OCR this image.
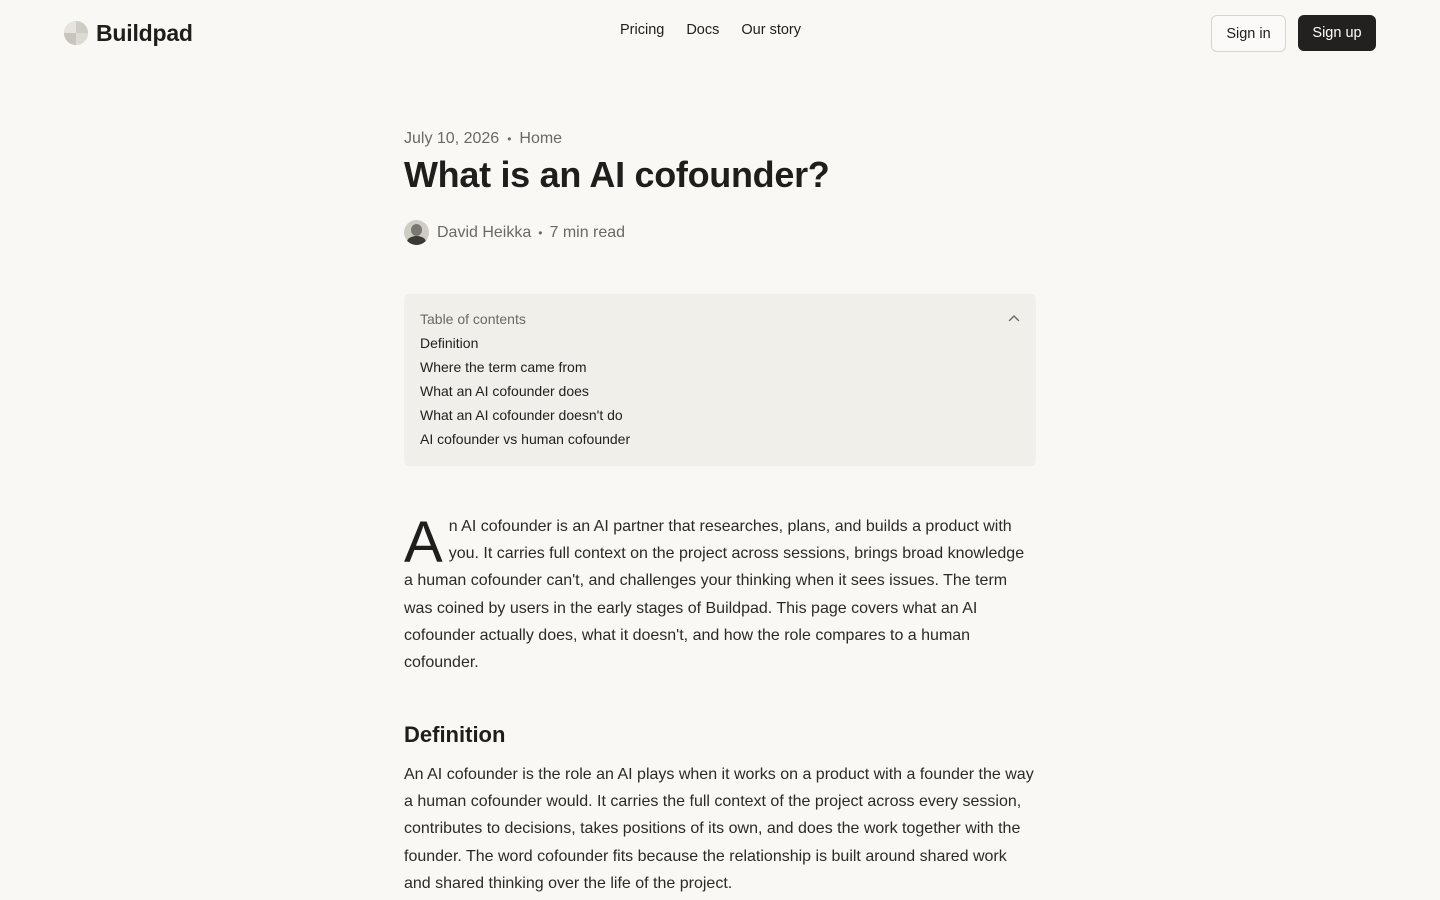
Buildpad	Pricing Docs Our story	Sign in	Sign up
July 10, 2026 • Home
What is an AI cofounder?
David Heikka • 7 min read
Table of contents
Definition
Where the term came from
What an AI cofounder does
What an AI cofounder doesn't do
AI cofounder vs human cofounder

An AI cofounder is an AI partner that researches, plans, and builds a product with you. It carries full context on the project across sessions, brings broad knowledge a human cofounder can't, and challenges your thinking when it sees issues. The term was coined by users in the early stages of Buildpad. This page covers what an AI cofounder actually does, what it doesn't, and how the role compares to a human cofounder.

Definition

An AI cofounder is the role an AI plays when it works on a product with a founder the way a human cofounder would. It carries the full context of the project across every session, contributes to decisions, takes positions of its own, and does the work together with the founder. The word cofounder fits because the relationship is built around shared work and shared thinking over the life of the project.
